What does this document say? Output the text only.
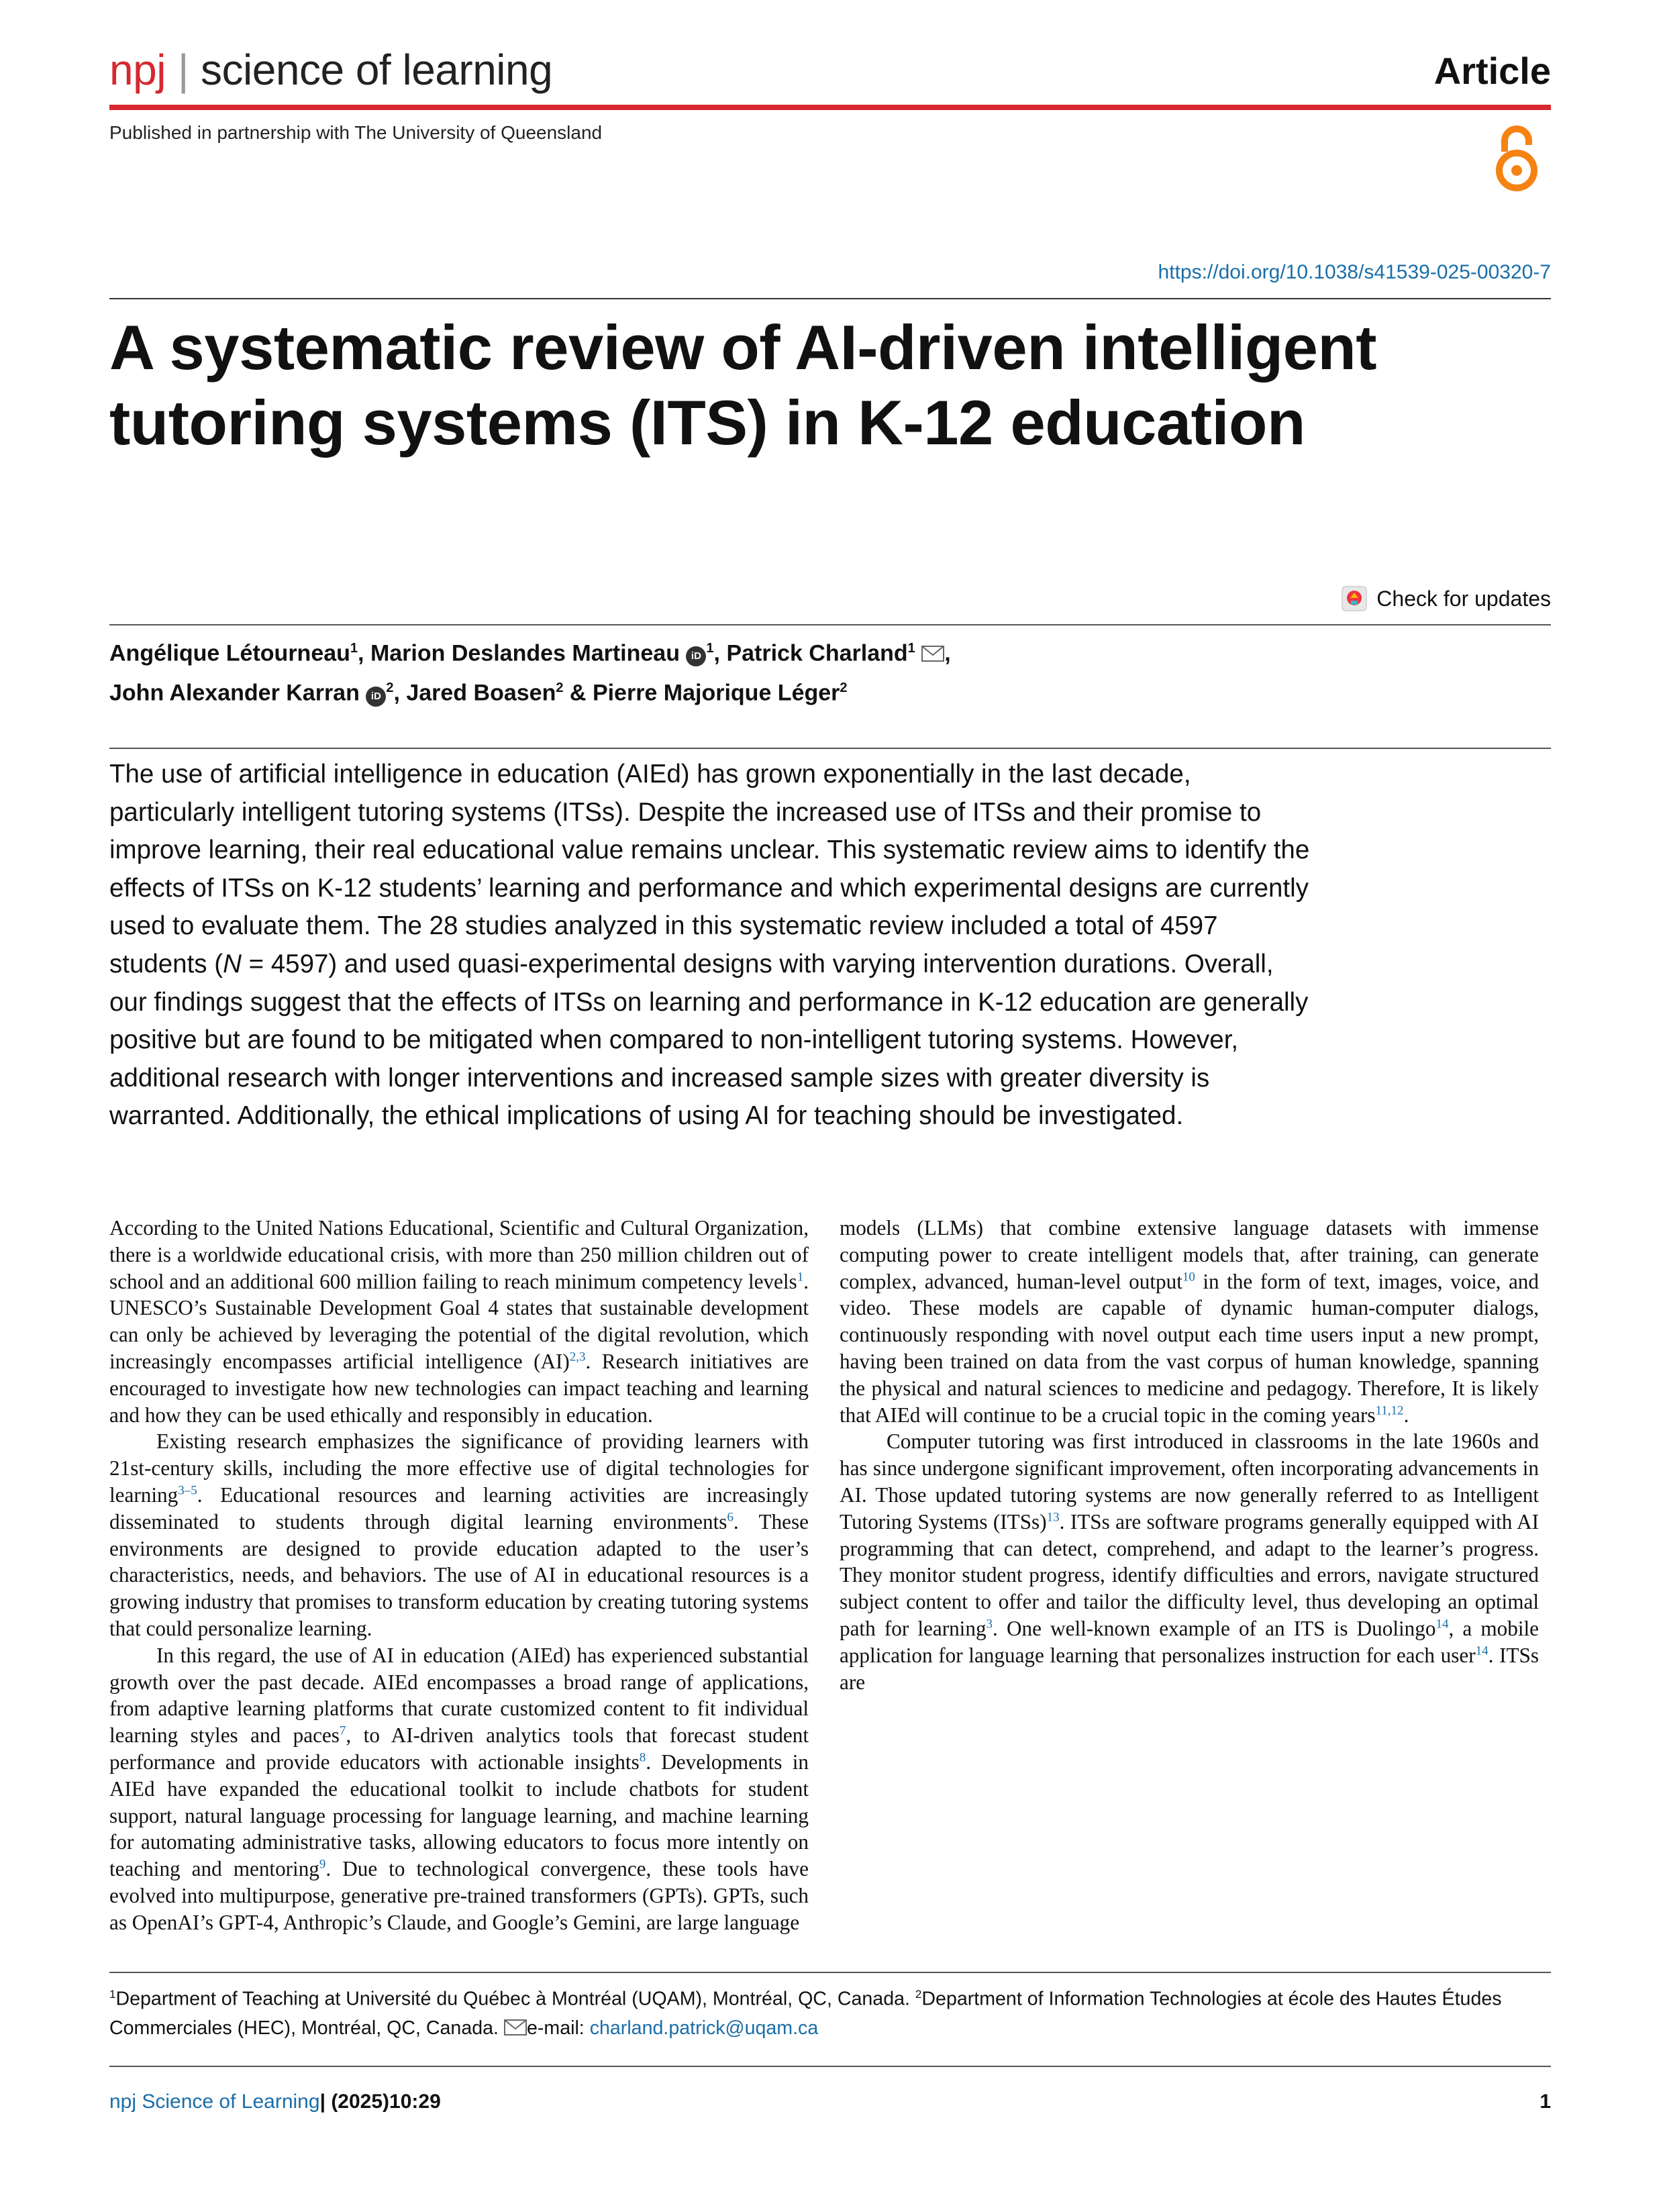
npj | science of learning	Article
Published in partnership with The University of Queensland
https://doi.org/10.1038/s41539-025-00320-7
A systematic review of AI-driven intelligent tutoring systems (ITS) in K-12 education
Check for updates
Angélique Létourneau$^1$, Marion Deslandes Martineau $iD^1$, Patrick Charland$^1$ ,
John Alexander Karran $iD^2$, Jared Boasen$^2$ & Pierre Majorique Léger$^2$
The use of artificial intelligence in education (AIEd) has grown exponentially in the last decade, particularly intelligent tutoring systems (ITSs). Despite the increased use of ITSs and their promise to improve learning, their real educational value remains unclear. This systematic review aims to identify the effects of ITSs on K-12 students’ learning and performance and which experimental designs are currently used to evaluate them. The 28 studies analyzed in this systematic review included a total of 4597 students (N = 4597) and used quasi-experimental designs with varying intervention durations. Overall, our findings suggest that the effects of ITSs on learning and performance in K-12 education are generally positive but are found to be mitigated when compared to non-intelligent tutoring systems. However, additional research with longer interventions and increased sample sizes with greater diversity is warranted. Additionally, the ethical implications of using AI for teaching should be investigated.

According to the United Nations Educational, Scientific and Cultural Organization, there is a worldwide educational crisis, with more than 250 million children out of school and an additional 600 million failing to reach minimum competency levels$^1$. UNESCO’s Sustainable Development Goal 4 states that sustainable development can only be achieved by leveraging the potential of the digital revolution, which increasingly encompasses artificial intelligence (AI)$^{2,3}$. Research initiatives are encouraged to investigate how new technologies can impact teaching and learning and how they can be used ethically and responsibly in education.

Existing research emphasizes the significance of providing learners with 21st-century skills, including the more effective use of digital technologies for learning$^{3-5}$. Educational resources and learning activities are increasingly disseminated to students through digital learning environments$^6$. These environments are designed to provide education adapted to the user’s characteristics, needs, and behaviors. The use of AI in educational resources is a growing industry that promises to transform education by creating tutoring systems that could personalize learning.

In this regard, the use of AI in education (AIEd) has experienced substantial growth over the past decade. AIEd encompasses a broad range of applications, from adaptive learning platforms that curate customized content to fit individual learning styles and paces$^7$, to AI-driven analytics tools that forecast student performance and provide educators with actionable insights$^8$. Developments in AIEd have expanded the educational toolkit to include chatbots for student support, natural language processing for language learning, and machine learning for automating administrative tasks, allowing educators to focus more intently on teaching and mentoring$^9$. Due to technological convergence, these tools have evolved into multipurpose, generative pre-trained transformers (GPTs). GPTs, such as OpenAI’s GPT-4, Anthropic’s Claude, and Google’s Gemini, are large language

models (LLMs) that combine extensive language datasets with immense computing power to create intelligent models that, after training, can generate complex, advanced, human-level output$^{10}$ in the form of text, images, voice, and video. These models are capable of dynamic human-computer dialogs, continuously responding with novel output each time users input a new prompt, having been trained on data from the vast corpus of human knowledge, spanning the physical and natural sciences to medicine and pedagogy. Therefore, It is likely that AIEd will continue to be a crucial topic in the coming years$^{11,12}$.

Computer tutoring was first introduced in classrooms in the late 1960s and has since undergone significant improvement, often incorporating advancements in AI. Those updated tutoring systems are now generally referred to as Intelligent Tutoring Systems (ITSs)$^{13}$. ITSs are software programs generally equipped with AI programming that can detect, comprehend, and adapt to the learner’s progress. They monitor student progress, identify difficulties and errors, navigate structured subject content to offer and tailor the difficulty level, thus developing an optimal path for learning$^3$. One well-known example of an ITS is Duolingo$^{14}$, a mobile application for language learning that personalizes instruction for each user$^{14}$. ITSs are

$^1$Department of Teaching at Université du Québec à Montréal (UQAM), Montréal, QC, Canada. $^2$Department of Information Technologies at école des Hautes Études Commerciales (HEC), Montréal, QC, Canada. e-mail: charland.patrick@uqam.ca
npj Science of Learning| (2025)10:29	1
